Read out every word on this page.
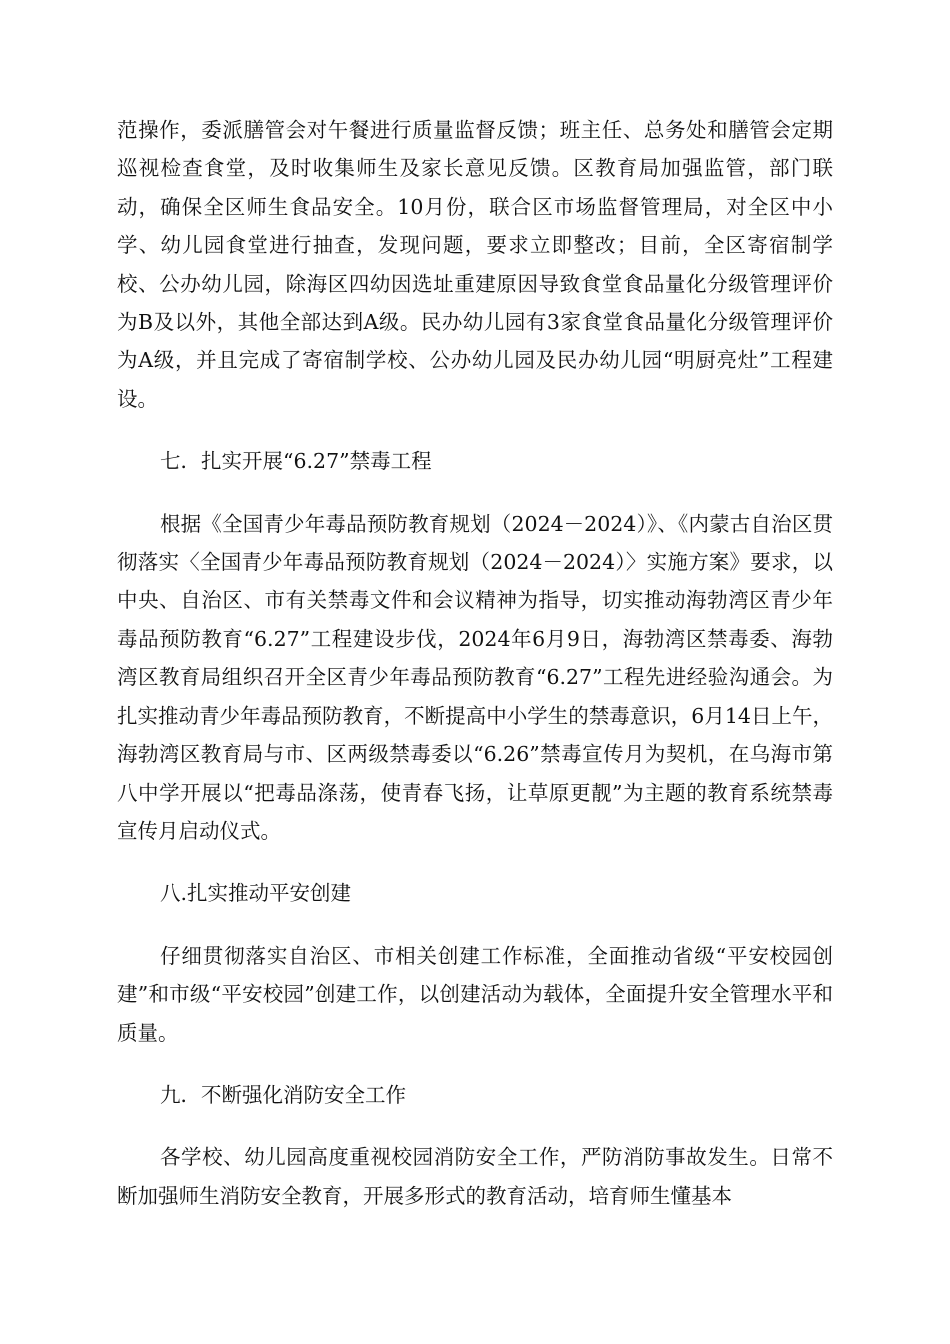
范操作，委派膳管会对午餐进行质量监督反馈；班主任、总务处和膳管会定期巡视检查食堂，及时收集师生及家长意见反馈。区教育局加强监管，部门联动，确保全区师生食品安全。10月份，联合区市场监督管理局，对全区中小学、幼儿园食堂进行抽查，发现问题，要求立即整改；目前，全区寄宿制学校、公办幼儿园，除海区四幼因选址重建原因导致食堂食品量化分级管理评价为B及以外，其他全部达到A级。民办幼儿园有3家食堂食品量化分级管理评价为A级，并且完成了寄宿制学校、公办幼儿园及民办幼儿园“明厨亮灶”工程建设。

七．扎实开展“6.27”禁毒工程

根据《全国青少年毒品预防教育规划（2024－2024）》、《内蒙古自治区贯彻落实〈全国青少年毒品预防教育规划（2024－2024）〉实施方案》要求，以中央、自治区、市有关禁毒文件和会议精神为指导，切实推动海勃湾区青少年毒品预防教育“6.27”工程建设步伐，2024年6月9日，海勃湾区禁毒委、海勃湾区教育局组织召开全区青少年毒品预防教育“6.27”工程先进经验沟通会。为扎实推动青少年毒品预防教育，不断提高中小学生的禁毒意识，6月14日上午，海勃湾区教育局与市、区两级禁毒委以“6.26”禁毒宣传月为契机，在乌海市第八中学开展以“把毒品涤荡，使青春飞扬，让草原更靓”为主题的教育系统禁毒宣传月启动仪式。

八.扎实推动平安创建

仔细贯彻落实自治区、市相关创建工作标准，全面推动省级“平安校园创建”和市级“平安校园”创建工作，以创建活动为载体，全面提升安全管理水平和质量。

九．不断强化消防安全工作

各学校、幼儿园高度重视校园消防安全工作，严防消防事故发生。日常不断加强师生消防安全教育，开展多形式的教育活动，培育师生懂基本
